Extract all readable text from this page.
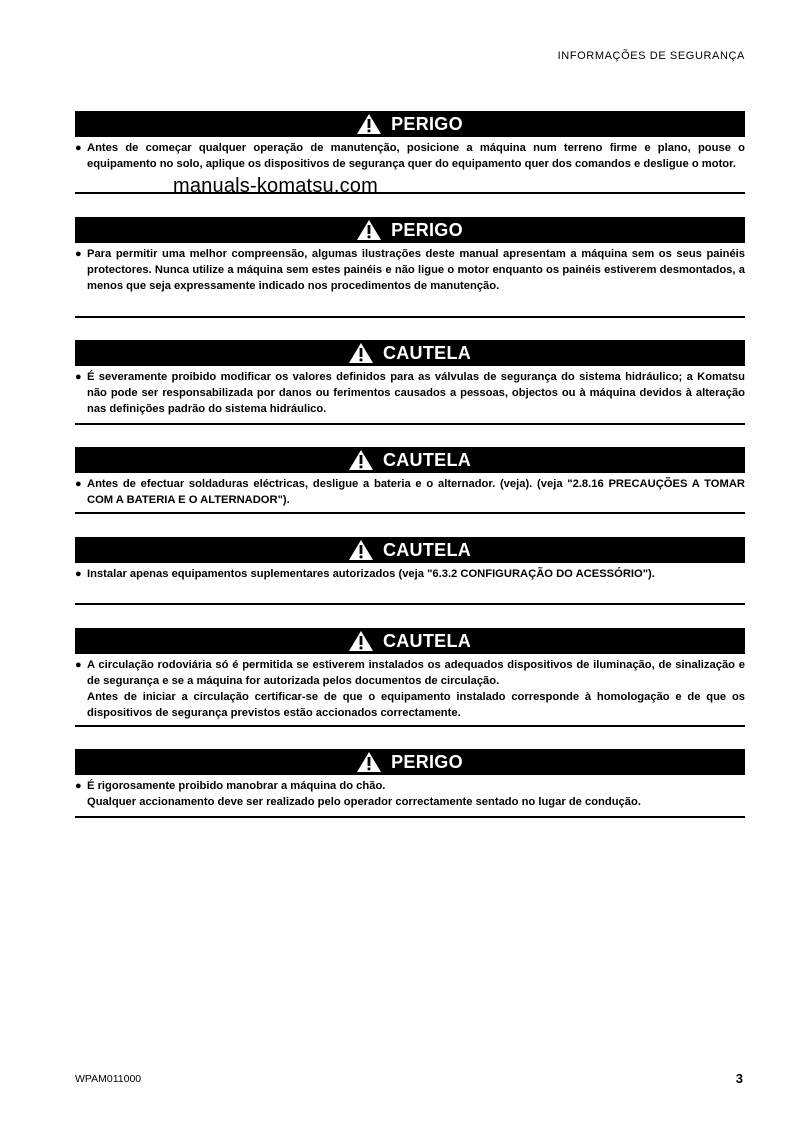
INFORMAÇÕES DE SEGURANÇA
PERIGO
● Antes de começar qualquer operação de manutenção, posicione a máquina num terreno firme e plano, pouse o equipamento no solo, aplique os dispositivos de segurança quer do equipamento quer dos comandos e desligue o motor.

manuals-komatsu.com
PERIGO
● Para permitir uma melhor compreensão, algumas ilustrações deste manual apresentam a máquina sem os seus painéis protectores. Nunca utilize a máquina sem estes painéis e não ligue o motor enquanto os painéis estiverem desmontados, a menos que seja expressamente indicado nos procedimentos de manutenção.

CAUTELA
● É severamente proibido modificar os valores definidos para as válvulas de segurança do sistema hidráulico; a Komatsu não pode ser responsabilizada por danos ou ferimentos causados a pessoas, objectos ou à máquina devidos à alteração nas definições padrão do sistema hidráulico.

CAUTELA
● Antes de efectuar soldaduras eléctricas, desligue a bateria e o alternador. (veja). (veja "2.8.16 PRECAUÇÕES A TOMAR COM A BATERIA E O ALTERNADOR").

CAUTELA
● Instalar apenas equipamentos suplementares autorizados (veja "6.3.2 CONFIGURAÇÃO DO ACESSÓRIO").

CAUTELA
● A circulação rodoviária só é permitida se estiverem instalados os adequados dispositivos de iluminação, de sinalização e de segurança e se a máquina for autorizada pelos documentos de circulação.

Antes de iniciar a circulação certificar-se de que o equipamento instalado corresponde à homologação e de que os dispositivos de segurança previstos estão accionados correctamente.

PERIGO
● É rigorosamente proibido manobrar a máquina do chão.

Qualquer accionamento deve ser realizado pelo operador correctamente sentado no lugar de condução.

WPAM011000	3
